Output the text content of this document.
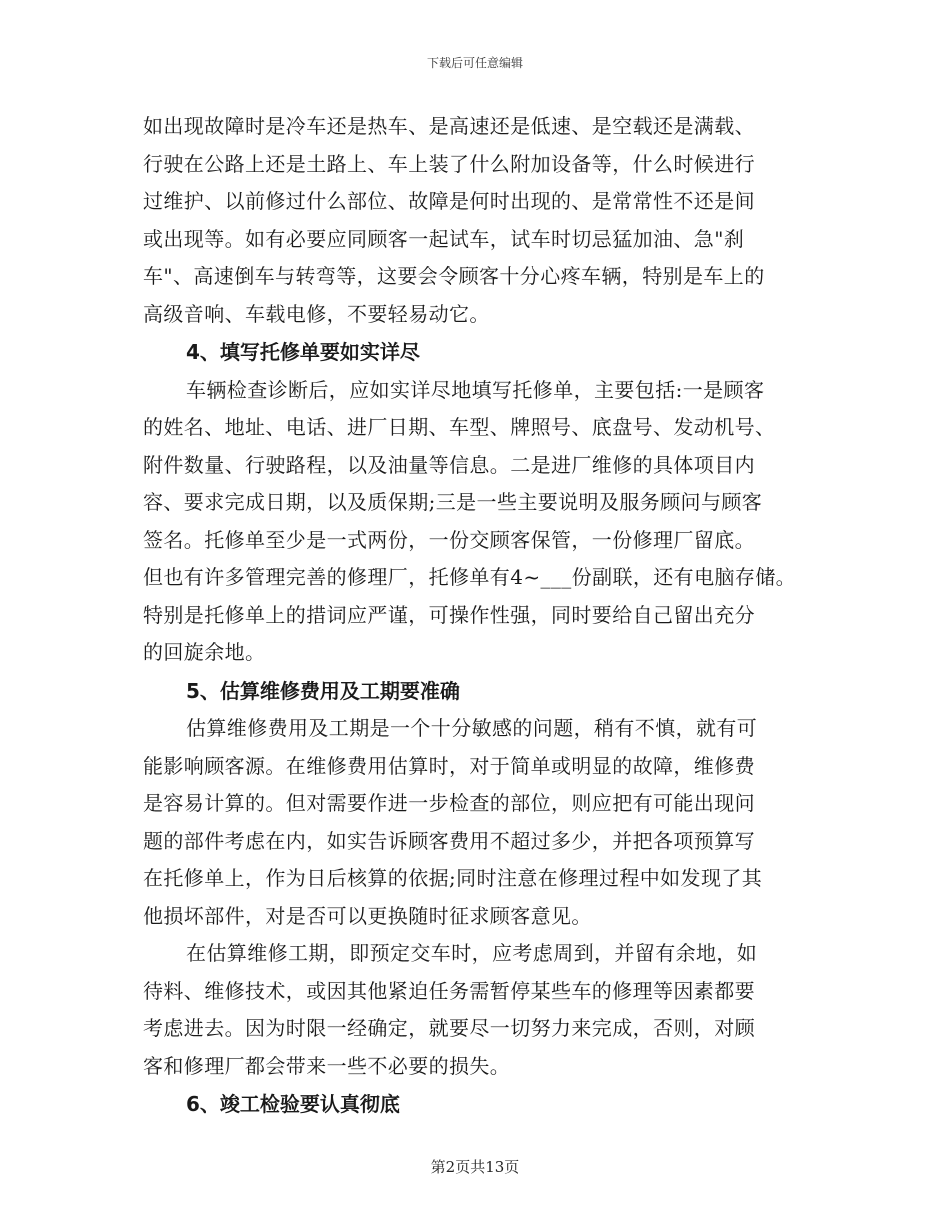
下载后可任意编辑
如出现故障时是冷车还是热车、是高速还是低速、是空载还是满载、
行驶在公路上还是土路上、车上装了什么附加设备等，什么时候进行
过维护、以前修过什么部位、故障是何时出现的、是常常性不还是间
或出现等。如有必要应同顾客一起试车，试车时切忌猛加油、急"刹
车"、高速倒车与转弯等，这要会令顾客十分心疼车辆，特别是车上的
高级音响、车载电修，不要轻易动它。
4、填写托修单要如实详尽
车辆检查诊断后，应如实详尽地填写托修单，主要包括:一是顾客
的姓名、地址、电话、进厂日期、车型、牌照号、底盘号、发动机号、
附件数量、行驶路程，以及油量等信息。二是进厂维修的具体项目内
容、要求完成日期，以及质保期;三是一些主要说明及服务顾问与顾客
签名。托修单至少是一式两份，一份交顾客保管，一份修理厂留底。
但也有许多管理完善的修理厂，托修单有4~___份副联，还有电脑存储。
特别是托修单上的措词应严谨，可操作性强，同时要给自己留出充分
的回旋余地。
5、估算维修费用及工期要准确
估算维修费用及工期是一个十分敏感的问题，稍有不慎，就有可
能影响顾客源。在维修费用估算时，对于简单或明显的故障，维修费
是容易计算的。但对需要作进一步检查的部位，则应把有可能出现问
题的部件考虑在内，如实告诉顾客费用不超过多少，并把各项预算写
在托修单上，作为日后核算的依据;同时注意在修理过程中如发现了其
他损坏部件，对是否可以更换随时征求顾客意见。
在估算维修工期，即预定交车时，应考虑周到，并留有余地，如
待料、维修技术，或因其他紧迫任务需暂停某些车的修理等因素都要
考虑进去。因为时限一经确定，就要尽一切努力来完成，否则，对顾
客和修理厂都会带来一些不必要的损失。
6、竣工检验要认真彻底
第2页共13页
